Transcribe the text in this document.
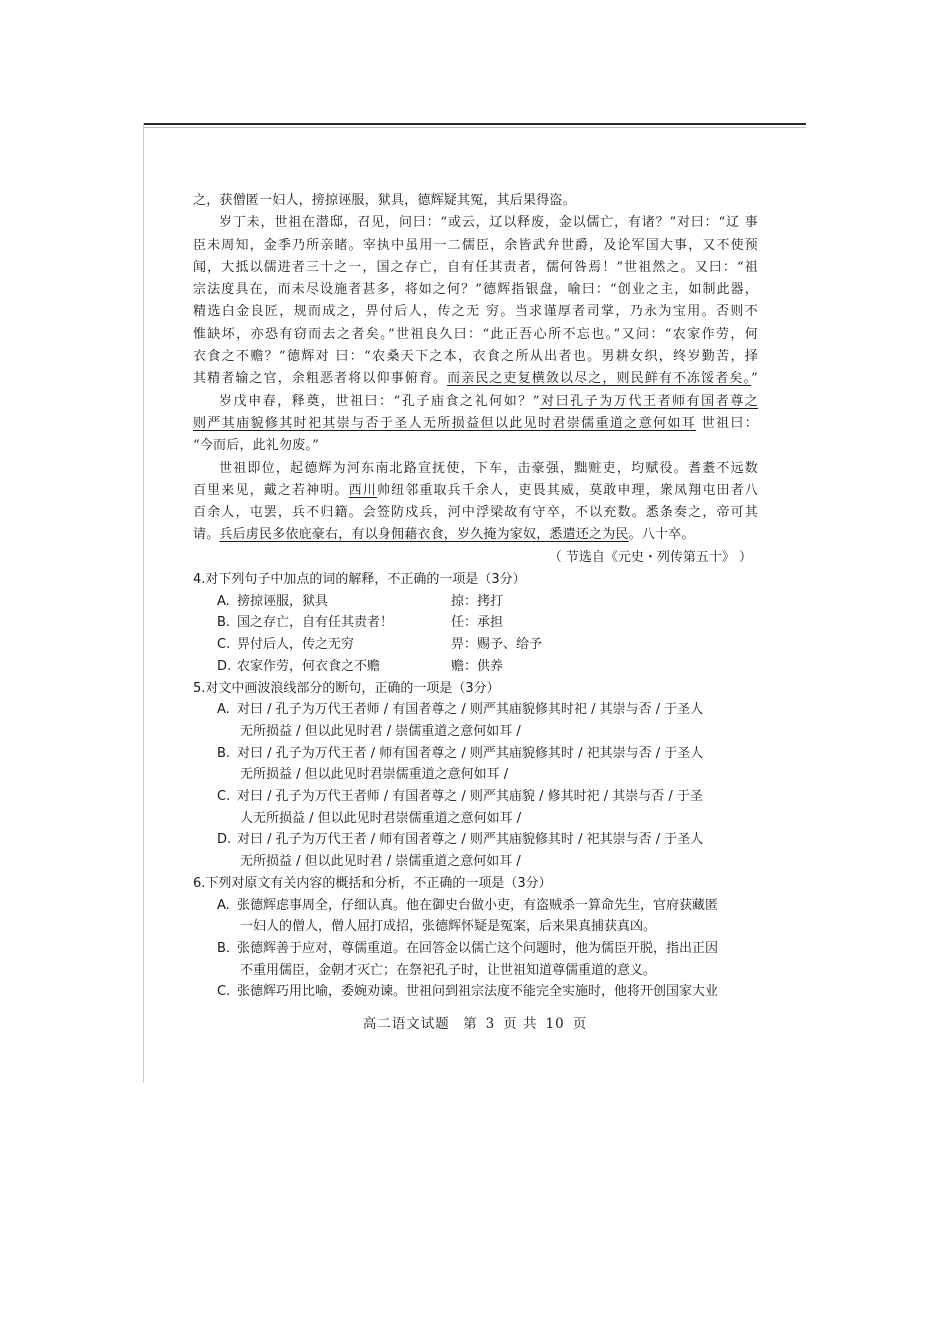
之，获僧匿一妇人，搒掠诬服，狱具，德辉疑其冤，其后果得盗。
岁丁未，世祖在潜邸，召见，问曰：“或云，辽以释废，金以儒亡，有诸？”对曰：“辽 事
臣未周知，金季乃所亲睹。宰执中虽用一二儒臣，余皆武弁世爵，及论军国大事，又不使预
闻，大抵以儒进者三十之一，国之存亡，自有任其责者，儒何咎焉！”世祖然之。又曰：“祖
宗法度具在，而未尽设施者甚多，将如之何？”德辉指银盘，喻曰：“创业之主，如制此器，
精选白金良匠，规而成之，畀付后人，传之无 穷。当求谨厚者司掌，乃永为宝用。否则不
惟缺坏，亦恐有窃而去之者矣。”世祖良久曰：“此正吾心所不忘也。”又问：“农家作劳，何
衣食之不赡？”德辉对 曰：“农桑天下之本，衣食之所从出者也。男耕女织，终岁勤苦，择
其精者输之官，余粗恶者将以仰事俯育。而亲民之吏复横敛以尽之，则民鲜有不冻馁者矣。”
岁戊申春，释奠，世祖曰：“孔子庙食之礼何如？”对曰孔子为万代王者师有国者尊之
则严其庙貌修其时祀其崇与否于圣人无所损益但以此见时君崇儒重道之意何如耳 世祖曰：
“今而后，此礼勿废。”
世祖即位，起德辉为河东南北路宣抚使，下车，击豪强，黜赃吏，均赋役。耆耋不远数
百里来见，戴之若神明。西川帅纽邻重取兵千余人，吏畏其威，莫敢申理，衆凤翔屯田者八
百余人，屯罢，兵不归籍。会签防戍兵，河中浮梁故有守卒，不以充数。悉条奏之，帝可其
请。兵后虏民多依庇豪右，有以身佣藉衣食，岁久掩为家奴，悉遣还之为民。八十卒。
（ 节选自《元史・列传第五十》 ）
4.对下列句子中加点的词的解释，不正确的一项是（3分）
A. 搒掠诬服，狱具	掠：拷打
B. 国之存亡，自有任其责者！	任：承担
C. 畀付后人，传之无穷	畀：赐予、给予
D. 农家作劳，何衣食之不赡	赡：供养
5.对文中画波浪线部分的断句，正确的一项是（3分）
A. 对曰 / 孔子为万代王者师 / 有国者尊之 / 则严其庙貌修其时祀 / 其崇与否 / 于圣人
无所损益 / 但以此见时君 / 崇儒重道之意何如耳 /
B. 对曰 / 孔子为万代王者 / 师有国者尊之 / 则严其庙貌修其时 / 祀其崇与否 / 于圣人
无所损益 / 但以此见时君崇儒重道之意何如耳 /
C. 对曰 / 孔子为万代王者师 / 有国者尊之 / 则严其庙貌 / 修其时祀 / 其崇与否 / 于圣
人无所损益 / 但以此见时君崇儒重道之意何如耳 /
D. 对曰 / 孔子为万代王者 / 师有国者尊之 / 则严其庙貌修其时 / 祀其崇与否 / 于圣人
无所损益 / 但以此见时君 / 崇儒重道之意何如耳 /
6.下列对原文有关内容的概括和分析，不正确的一项是（3分）
A. 张德辉虑事周全，仔细认真。他在御史台做小吏，有盗贼杀一算命先生，官府获藏匿
一妇人的僧人，僧人屈打成招，张德辉怀疑是冤案，后来果真捕获真凶。
B. 张德辉善于应对，尊儒重道。在回答金以儒亡这个问题时，他为儒臣开脱，指出正因
不重用儒臣，金朝才灭亡；在祭祀孔子时，让世祖知道尊儒重道的意义。
C. 张德辉巧用比喻，委婉劝谏。世祖问到祖宗法度不能完全实施时，他将开创国家大业
高二语文试题 第 3 页 共 10 页
